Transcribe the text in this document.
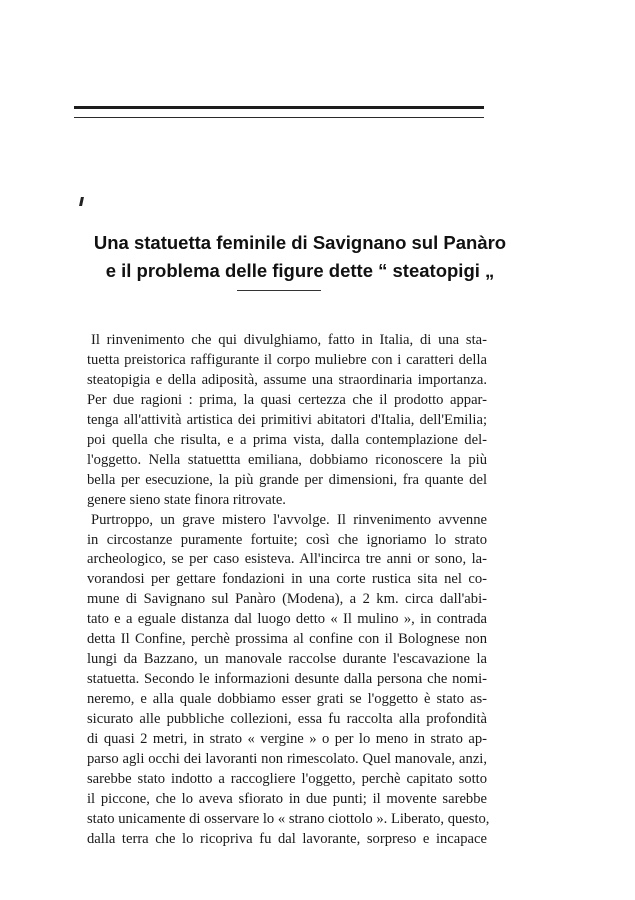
Una statuetta feminile di Savignano sul Panàro
e il problema delle figure dette “ steatopigi „
Il rinvenimento che qui divulghiamo, fatto in Italia, di una sta-
tuetta preistorica raffigurante il corpo muliebre con i caratteri della
steatopigia e della adiposità, assume una straordinaria importanza.
Per due ragioni : prima, la quasi certezza che il prodotto appar-
tenga all'attività artistica dei primitivi abitatori d'Italia, dell'Emilia;
poi quella che risulta, e a prima vista, dalla contemplazione del-
l'oggetto. Nella statuettta emiliana, dobbiamo riconoscere la più
bella per esecuzione, la più grande per dimensioni, fra quante del
genere sieno state finora ritrovate.
Purtroppo, un grave mistero l'avvolge. Il rinvenimento avvenne
in circostanze puramente fortuite; così che ignoriamo lo strato
archeologico, se per caso esisteva. All'incirca tre anni or sono, la-
vorandosi per gettare fondazioni in una corte rustica sita nel co-
mune di Savignano sul Panàro (Modena), a 2 km. circa dall'abi-
tato e a eguale distanza dal luogo detto « Il mulino », in contrada
detta Il Confine, perchè prossima al confine con il Bolognese non
lungi da Bazzano, un manovale raccolse durante l'escavazione la
statuetta. Secondo le informazioni desunte dalla persona che nomi-
neremo, e alla quale dobbiamo esser grati se l'oggetto è stato as-
sicurato alle pubbliche collezioni, essa fu raccolta alla profondità
di quasi 2 metri, in strato « vergine » o per lo meno in strato ap-
parso agli occhi dei lavoranti non rimescolato. Quel manovale, anzi,
sarebbe stato indotto a raccogliere l'oggetto, perchè capitato sotto
il piccone, che lo aveva sfiorato in due punti; il movente sarebbe
stato unicamente di osservare lo « strano ciottolo ». Liberato, questo,
dalla terra che lo ricopriva fu dal lavorante, sorpreso e incapace
